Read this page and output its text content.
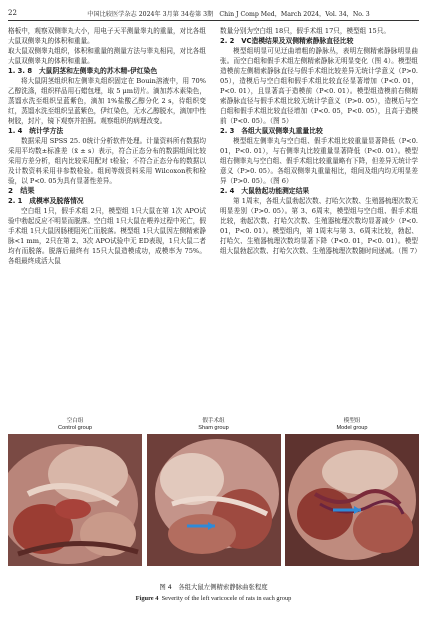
22	中国比较医学杂志 2024年 3月第 34卷第 3期　Chin J Comp Med，March 2024，Vol. 34，No. 3

格板中，观察双侧睾丸大小，用电子天平测量睾丸的重量，对比各组大鼠双侧睾丸的体积和重量。

取大鼠双侧睾丸组织，体积和重量的测量方法与睾丸相同，对比各组大鼠双侧睾丸的体积和重量。

1. 3. 8　大鼠阴茎和左侧睾丸的苏木精-伊红染色

将大鼠阴茎组织和左侧睾丸组织固定在 Bouin溶液中，用 70%乙醇洗涤，组织样品用石蜡包埋，取 5 μm切片。滴加苏木素染色，蒸馏水洗至组织呈蓝紫色，滴加 1%盐酸乙醇分化 2 s，待组织变红，蒸馏水洗至组织呈蓝紫色，伊红染色，无水乙醇脱水，滴加中性树胶，封片，镜下观察并拍照。观察组织的病理改变。

1. 4　统计学方法

数据采用 SPSS 25. 0统计分析软件处理。计量资料所有数据均采用平均数±标准差（x̄ ± s）表示，符合正态分布的数据组间比较采用方差分析，组内比较采用配对 t检验；不符合正态分布的数据以及计数资料采用非参数检验。组间等级资料采用 Wilcoxon秩和检验，以 P<0. 05为具有显著性差异。

2　结果

2. 1　成模率及脱落情况

空白组 1只，假手术组 2只，模型组 1只大鼠在第 1次 APO试验中勃起反应不明显而脱落。空白组 1只大鼠在喂养过程中死亡，假手术组 1只大鼠因肠梗阻死亡而脱落。模型组 1只大鼠因左侧精索静脉<1 mm，2只在第 2、3次 APO试验中无 ED表现，1只大鼠二者均有而脱落。脱落后最终有 15只大鼠造模成功，成模率为 75%。各组最终成活大鼠

数量分别为空白组 18只，假手术组 17只，模型组 15只。

2. 2　VC造模结果及双侧精索静脉直径比较

模型组明显可见迂曲增粗的静脉丛，表明左侧精索静脉明显曲张。而空白组和假手术组左侧精索静脉无明显变化（图 4）。模型组造模前左侧精索静脉直径与假手术组比较差异无统计学意义（P>0. 05），造模后与空白组和假手术组比较直径显著增加（P<0. 01，P<0. 01），且显著高于造模前（P<0. 01）。模型组造模前右侧精索静脉直径与假手术组比较无统计学意义（P>0. 05），造模后与空白组和假手术组比较直径增加（P<0. 05，P<0. 05），且高于造模前（P<0. 05）。（图 5）

2. 3　各组大鼠双侧睾丸重量比较

模型组左侧睾丸与空白组、假手术组比较重量显著降低（P<0. 01，P<0. 01），与右侧睾丸比较重量显著降低（P<0. 01）。模型组右侧睾丸与空白组、假手术组比较重量略有下降，但差异无统计学意义（P>0. 05）。各组双侧睾丸重量相比，组间及组内均无明显差异（P>0. 05）。（图 6）

2. 4　大鼠勃起功能测定结果

第 1周末，各组大鼠勃起次数、打哈欠次数、生殖器梳理次数无明显差别（P>0. 05）。第 3、6周末，模型组与空白组、假手术组比较，勃起次数、打哈欠次数、生殖器梳理次数均显著减少（P<0. 01，P<0. 01）。模型组内，第 1周末与第 3、6周末比较，勃起、打哈欠、生殖器梳理次数均显著下降（P<0. 01，P<0. 01）。模型组大鼠勃起次数、打哈欠次数、生殖器梳理次数随时间递减。（图 7）

空白组
Control group
假手术组
Sham group
模型组
Model group
图 4　各组大鼠左侧精索静脉曲张程度
Figure 4 Severity of the left varicocele of rats in each group
